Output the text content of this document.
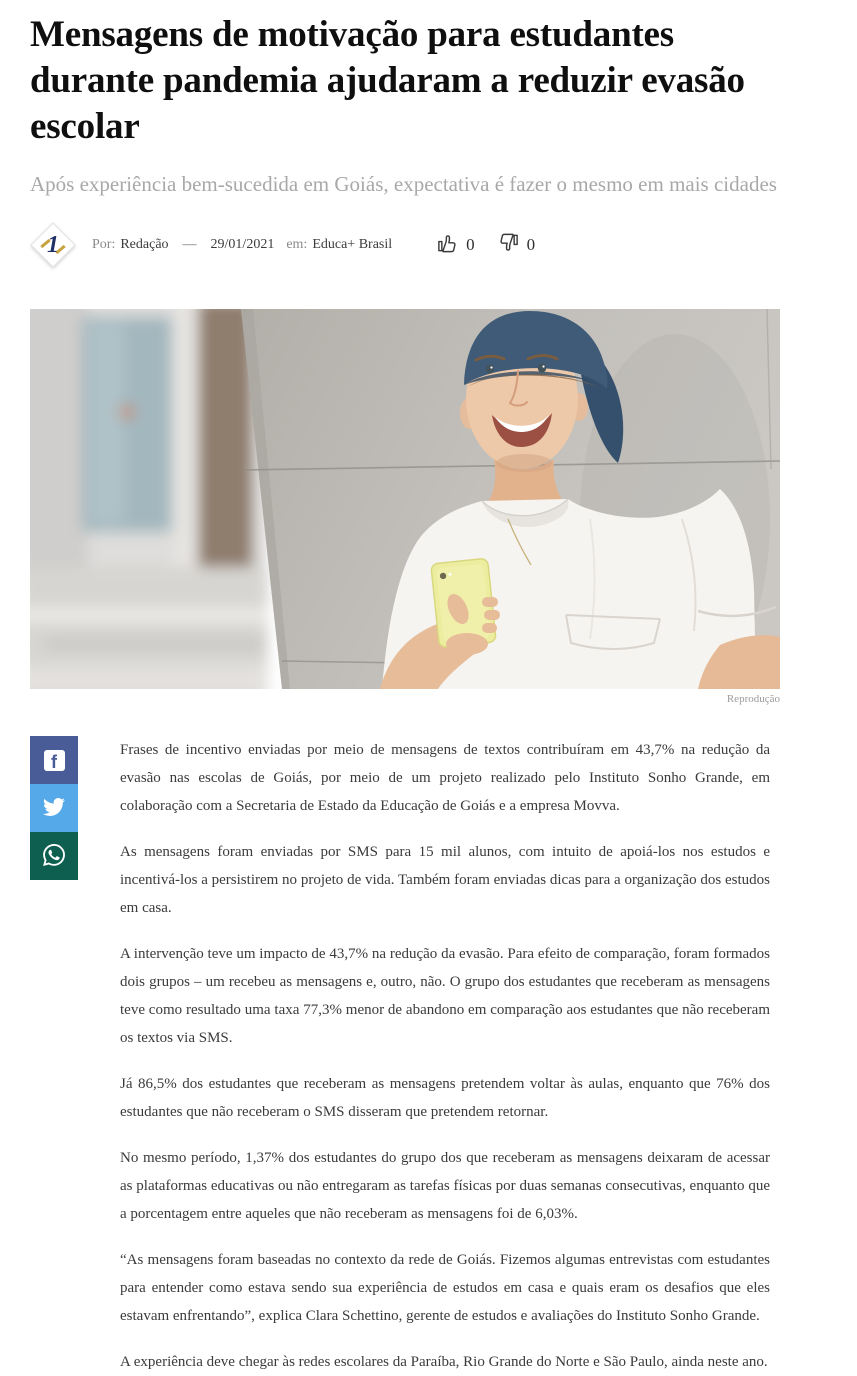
Mensagens de motivação para estudantes durante pandemia ajudaram a reduzir evasão escolar
Após experiência bem-sucedida em Goiás, expectativa é fazer o mesmo em mais cidades
1	Por: Redação — 29/01/2021 em: Educa+ Brasil	0	0
Reprodução
f

Frases de incentivo enviadas por meio de mensagens de textos contribuíram em 43,7% na redução da evasão nas escolas de Goiás, por meio de um projeto realizado pelo Instituto Sonho Grande, em colaboração com a Secretaria de Estado da Educação de Goiás e a empresa Movva.

As mensagens foram enviadas por SMS para 15 mil alunos, com intuito de apoiá-los nos estudos e incentivá-los a persistirem no projeto de vida. Também foram enviadas dicas para a organização dos estudos em casa.

A intervenção teve um impacto de 43,7% na redução da evasão. Para efeito de comparação, foram formados dois grupos – um recebeu as mensagens e, outro, não. O grupo dos estudantes que receberam as mensagens teve como resultado uma taxa 77,3% menor de abandono em comparação aos estudantes que não receberam os textos via SMS.

Já 86,5% dos estudantes que receberam as mensagens pretendem voltar às aulas, enquanto que 76% dos estudantes que não receberam o SMS disseram que pretendem retornar.

No mesmo período, 1,37% dos estudantes do grupo dos que receberam as mensagens deixaram de acessar as plataformas educativas ou não entregaram as tarefas físicas por duas semanas consecutivas, enquanto que a porcentagem entre aqueles que não receberam as mensagens foi de 6,03%.

“As mensagens foram baseadas no contexto da rede de Goiás. Fizemos algumas entrevistas com estudantes para entender como estava sendo sua experiência de estudos em casa e quais eram os desafios que eles estavam enfrentando”, explica Clara Schettino, gerente de estudos e avaliações do Instituto Sonho Grande.

A experiência deve chegar às redes escolares da Paraíba, Rio Grande do Norte e São Paulo, ainda neste ano.
